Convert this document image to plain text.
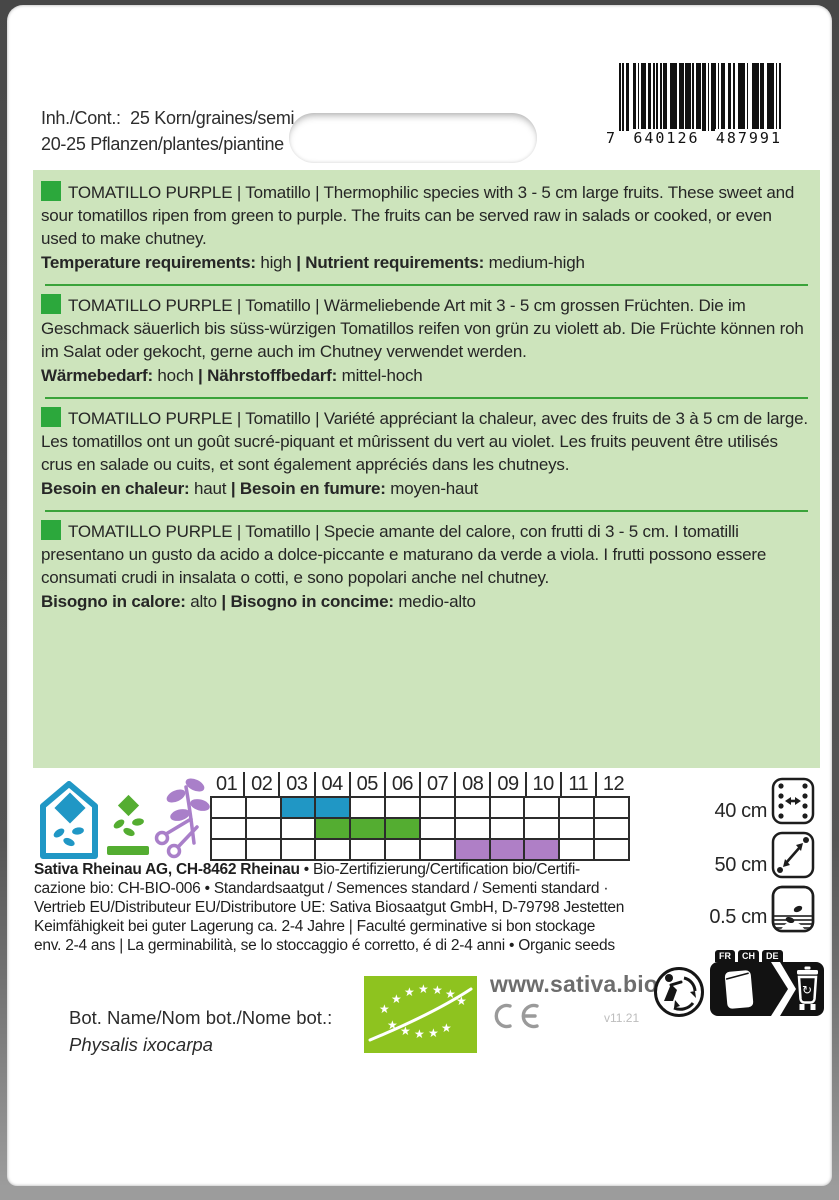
Inh./Cont.:  25 Korn/graines/semi
20-25 Pflanzen/plantes/piantine	7 640126 487991
TOMATILLO PURPLE | Tomatillo | Thermophilic species with 3 - 5 cm large fruits. These sweet and sour tomatillos ripen from green to purple. The fruits can be served raw in salads or cooked, or even used to make chutney.
Temperature requirements: high | Nutrient requirements: medium-high
TOMATILLO PURPLE | Tomatillo | Wärmeliebende Art mit 3 - 5 cm grossen Früchten. Die im Geschmack säuerlich bis süss-würzigen Tomatillos reifen von grün zu violett ab. Die Früchte können roh im Salat oder gekocht, gerne auch im Chutney verwendet werden.
Wärmebedarf: hoch | Nährstoffbedarf: mittel-hoch
TOMATILLO PURPLE | Tomatillo | Variété appréciant la chaleur, avec des fruits de 3 à 5 cm de large. Les tomatillos ont un goût sucré-piquant et mûrissent du vert au violet. Les fruits peuvent être utilisés crus en salade ou cuits, et sont également appréciés dans les chutneys.
Besoin en chaleur: haut | Besoin en fumure: moyen-haut
TOMATILLO PURPLE | Tomatillo | Specie amante del calore, con frutti di 3 - 5 cm. I tomatilli presentano un gusto da acido a dolce-piccante e maturano da verde a viola. I frutti possono essere consumati crudi in insalata o cotti, e sono popolari anche nel chutney.
Bisogno in calore: alto | Bisogno in concime: medio-alto
01 02 03 04 05 06 07 08 09 10 11 12
40 cm
50 cm
0.5 cm
Sativa Rheinau AG, CH-8462 Rheinau • Bio-Zertifizierung/Certification bio/Certifi-
cazione bio: CH-BIO-006 • Standardsaatgut / Semences standard / Sementi standard ·
Vertrieb EU/Distributeur EU/Distributore UE: Sativa Biosaatgut GmbH, D-79798 Jestetten
Keimfähigkeit bei guter Lagerung ca. 2-4 Jahre | Faculté germinative si bon stockage
env. 2-4 ans | La germinabilità, se lo stoccaggio é corretto, é di 2-4 anni • Organic seeds
Bot. Name/Nom bot./Nome bot.:
Physalis ixocarpa
★
★ ★ ★ ★ ★ ★
★ ★ ★ ★ ★
www.sativa.bio
v11.21
FR	CH	DE
↻
